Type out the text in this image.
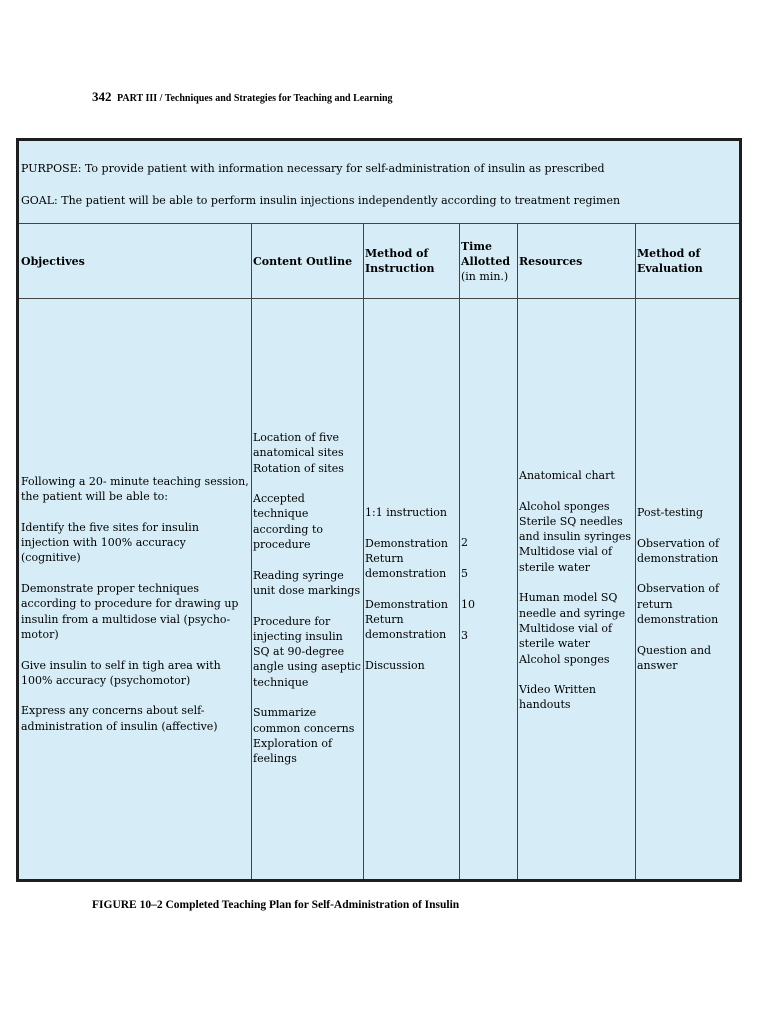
342 PART III / Techniques and Strategies for Teaching and Learning
PURPOSE: To provide patient with information necessary for self-administration of insulin as prescribed
GOAL: The patient will be able to perform insulin injections independently according to treatment regimen
Objectives	Content Outline
Method of
Instruction
Time
Allotted
(in min.)
Resources
Method of
Evaluation

Following a 20- minute teaching session, the patient will be able to:

Identify the five sites for insulin injection with 100% accuracy (cognitive)

Demonstrate proper techniques according to procedure for drawing up insulin from a multidose vial (psycho- motor)

Give insulin to self in tigh area with 100% accuracy (psychomotor)

Express any concerns about self- administration of insulin (affective)

Location of five anatomical sites Rotation of sites

Accepted technique according to procedure

Reading syringe unit dose markings

Procedure for injecting insulin SQ at 90-degree angle using aseptic technique

Summarize common concerns Exploration of feelings

1:1 instruction

Demonstration Return demonstration

Demonstration Return demonstration

Discussion

2

5

10

3

Anatomical chart

Alcohol sponges Sterile SQ needles and insulin syringes Multidose vial of sterile water

Human model SQ needle and syringe Multidose vial of sterile water Alcohol sponges

Video Written handouts

Post-testing

Observation of demonstration

Observation of return demonstration

Question and answer

FIGURE 10–2 Completed Teaching Plan for Self-Administration of Insulin
